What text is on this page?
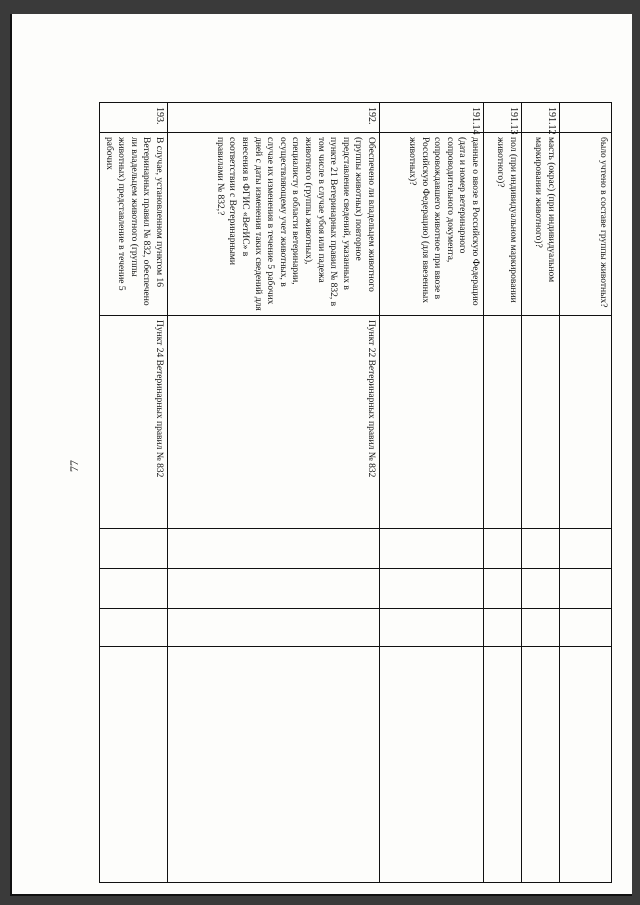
77
	было учтено в составе группы животных?					
191.12	масть (окрас) (при индивидуальном маркировании животного)?					
191.13	пол (при индивидуальном маркировании животного)?					
191.14	данные о ввозе в Российскую Федерацию (дата и номер ветеринарного сопроводительного документа, сопровождавшего животное при ввозе в Российскую Федерацию) (для ввезенных животных)?					
192.	Обеспечено ли владельцем животного (группы животных) повторное представление сведений, указанных в пункте 21 Ветеринарных правил № 832, в том числе в случае убоя или падежа животного (группы животных), специалисту в области ветеринарии, осуществляющему учет животных, в случае их изменения в течение 5 рабочих дней с даты изменения таких сведений для внесения в ФГИС «ВетИС» в соответствии с Ветеринарными правилами № 832,?	Пункт 22 Ветеринарных правил № 832				
193.	В случае, установленном пунктом 16 Ветеринарных правил № 832, обеспечено ли владельцем животного (группы животных) представление в течение 5 рабочих	Пункт 24 Ветеринарных правил № 832				
